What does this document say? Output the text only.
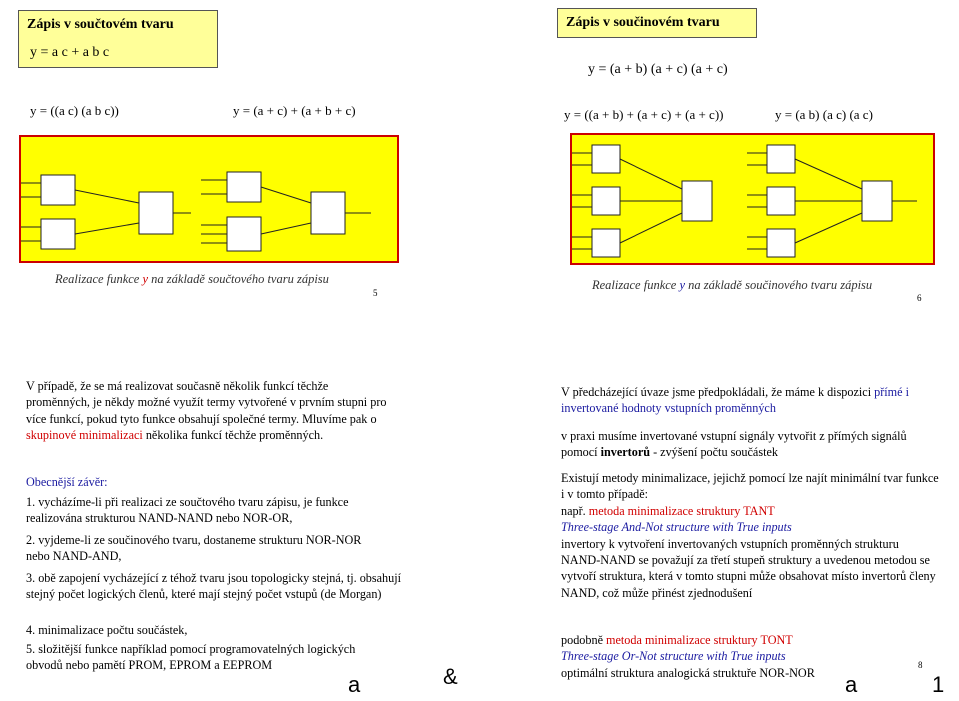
Zápis v součtovém tvaru
y = a c + a b c
y = ((a c) (a b c))	y = (a + c) + (a + b + c)
Realizace funkce y na základě součtového tvaru zápisu
5
Zápis v součinovém tvaru
y = (a + b) (a + c) (a + c)
y = ((a + b) + (a + c) + (a + c))	y = (a b) (a c) (a c)
Realizace funkce y na základě součinového tvaru zápisu
6
V případě, že se má realizovat současně několik funkcí těchže proměnných, je někdy možné využít termy vytvořené v prvním stupni pro více funkcí, pokud tyto funkce obsahují společné termy. Mluvíme pak o skupinové minimalizaci několika funkcí těchže proměnných.
Obecnější závěr:
1. vycházíme-li při realizaci ze součtového tvaru zápisu, je funkce realizována strukturou NAND-NAND nebo NOR-OR,
2. vyjdeme-li ze součinového tvaru, dostaneme strukturu NOR-NOR nebo NAND-AND,
3. obě zapojení vycházející z téhož tvaru jsou topologicky stejná, tj. obsahují stejný počet logických členů, které mají stejný počet vstupů (de Morgan)
4. minimalizace počtu součástek,
5. složitější funkce například pomocí programovatelných logických obvodů nebo pamětí PROM, EPROM a EEPROM
V předcházející úvaze jsme předpokládali, že máme k dispozici přímé i invertované hodnoty vstupních proměnných
v praxi musíme invertované vstupní signály vytvořit z přímých signálů pomocí invertorů - zvýšení počtu součástek

Existují metody minimalizace, jejichž pomocí lze najít minimální tvar funkce i v tomto případě:

např. metoda minimalizace struktury TANT

Three-stage And-Not structure with True inputs

invertory k vytvoření invertovaných vstupních proměnných strukturu NAND-NAND se považují za třetí stupeň struktury a uvedenou metodou se vytvoří struktura, která v tomto stupni může obsahovat místo invertorů členy NAND, což může přinést zjednodušení

podobně metoda minimalizace struktury TONT

Three-stage Or-Not structure with True inputs

optimální struktura analogická struktuře NOR-NOR

8
a	&	a	1
